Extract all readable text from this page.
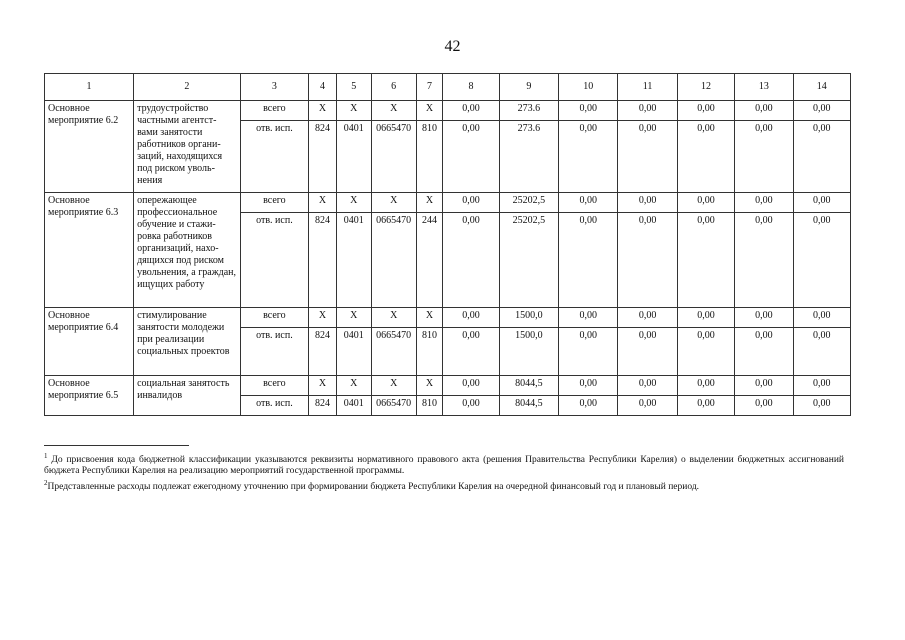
42
1	2	3	4	5	6	7	8	9	10	11	12	13	14
Основное мероприятие 6.2	трудоустройство частными агентст-вами занятости работников органи-заций, находящихся под риском уволь-нения	всего	Х	Х	Х	Х	0,00	273.6	0,00	0,00	0,00	0,00	0,00
		отв. исп.	824	0401	0665470	810	0,00	273.6	0,00	0,00	0,00	0,00	0,00
Основное мероприятие 6.3	опережающее профессиональное обучение и стажи-ровка работников организаций, нахо-дящихся под риском увольнения, а граждан, ищущих работу	всего	Х	Х	Х	Х	0,00	25202,5	0,00	0,00	0,00	0,00	0,00
		отв. исп.	824	0401	0665470	244	0,00	25202,5	0,00	0,00	0,00	0,00	0,00
Основное мероприятие 6.4	стимулирование занятости молодежи при реализации социальных проектов	всего	Х	Х	Х	Х	0,00	1500,0	0,00	0,00	0,00	0,00	0,00
		отв. исп.	824	0401	0665470	810	0,00	1500,0	0,00	0,00	0,00	0,00	0,00
Основное мероприятие 6.5	социальная занятость инвалидов	всего	Х	Х	Х	Х	0,00	8044,5	0,00	0,00	0,00	0,00	0,00
		отв. исп.	824	0401	0665470	810	0,00	8044,5	0,00	0,00	0,00	0,00	0,00

$^1$ До присвоения кода бюджетной классификации указываются реквизиты нормативного правового акта (решения Правительства Республики Карелия) о выделении бюджетных ассигнований бюджета Республики Карелия на реализацию мероприятий государственной программы.

$^2$Представленные расходы подлежат ежегодному уточнению при формировании бюджета Республики Карелия на очередной финансовый год и плановый период.
